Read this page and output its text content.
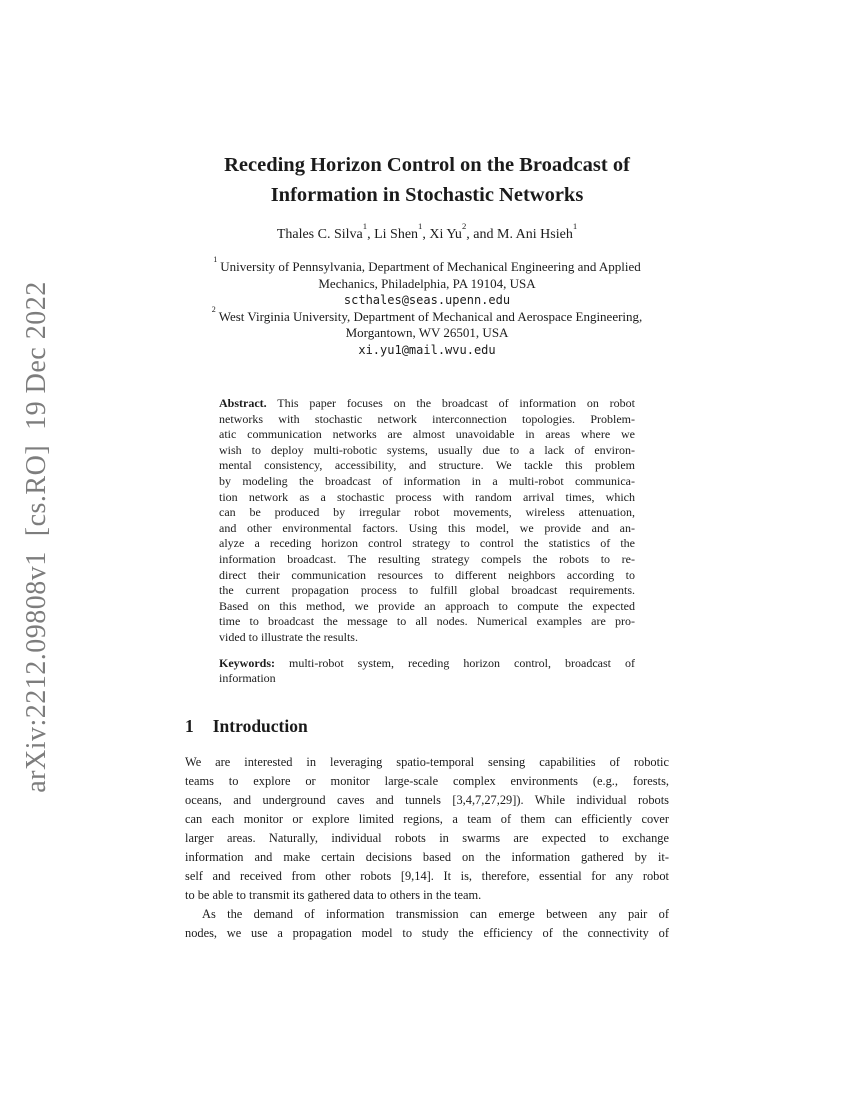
arXiv:2212.09808v1  [cs.RO]  19 Dec 2022
Receding Horizon Control on the Broadcast of
Information in Stochastic Networks
Thales C. Silva$^1$, Li Shen$^1$, Xi Yu$^2$, and M. Ani Hsieh$^1$
$^1$ University of Pennsylvania, Department of Mechanical Engineering and Applied
Mechanics, Philadelphia, PA 19104, USA
scthales@seas.upenn.edu
$^2$ West Virginia University, Department of Mechanical and Aerospace Engineering,
Morgantown, WV 26501, USA
xi.yu1@mail.wvu.edu
Abstract. This paper focuses on the broadcast of information on robot
networks with stochastic network interconnection topologies. Problem-
atic communication networks are almost unavoidable in areas where we
wish to deploy multi-robotic systems, usually due to a lack of environ-
mental consistency, accessibility, and structure. We tackle this problem
by modeling the broadcast of information in a multi-robot communica-
tion network as a stochastic process with random arrival times, which
can be produced by irregular robot movements, wireless attenuation,
and other environmental factors. Using this model, we provide and an-
alyze a receding horizon control strategy to control the statistics of the
information broadcast. The resulting strategy compels the robots to re-
direct their communication resources to different neighbors according to
the current propagation process to fulfill global broadcast requirements.
Based on this method, we provide an approach to compute the expected
time to broadcast the message to all nodes. Numerical examples are pro-
vided to illustrate the results.
Keywords: multi-robot system, receding horizon control, broadcast of
information
1 Introduction
We are interested in leveraging spatio-temporal sensing capabilities of robotic
teams to explore or monitor large-scale complex environments (e.g., forests,
oceans, and underground caves and tunnels [3,4,7,27,29]). While individual robots
can each monitor or explore limited regions, a team of them can efficiently cover
larger areas. Naturally, individual robots in swarms are expected to exchange
information and make certain decisions based on the information gathered by it-
self and received from other robots [9,14]. It is, therefore, essential for any robot
to be able to transmit its gathered data to others in the team.
As the demand of information transmission can emerge between any pair of
nodes, we use a propagation model to study the efficiency of the connectivity of
